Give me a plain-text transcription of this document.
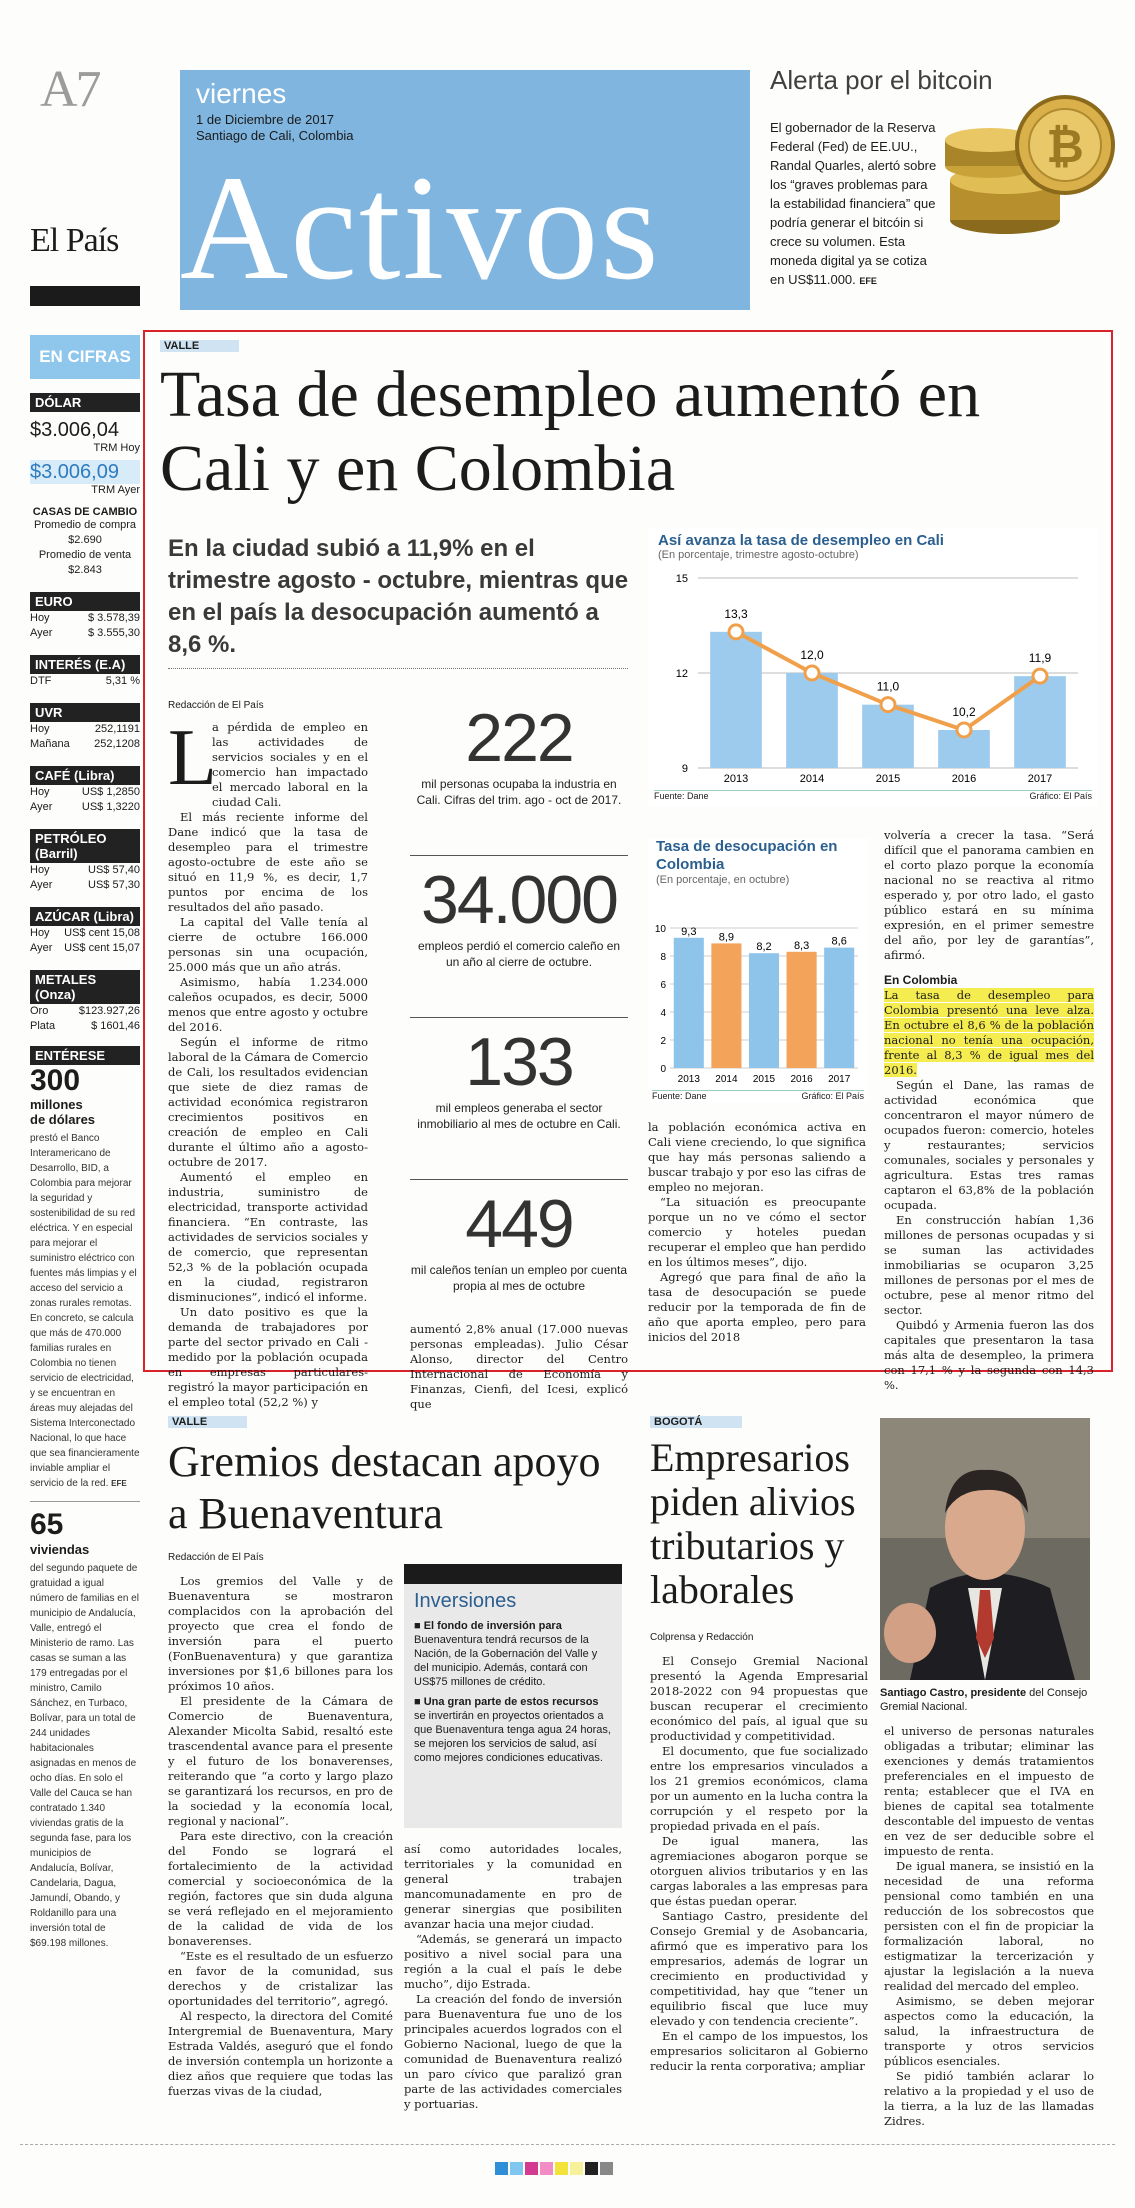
A7
El País
viernes
1 de Diciembre de 2017
Santiago de Cali, Colombia
Activos
Alerta por el bitcoin
El gobernador de la Reserva Federal (Fed) de EE.UU., Randal Quarles, alertó sobre los “graves problemas para la estabilidad financiera” que podría generar el bitcóin si crece su volumen. Esta moneda digital ya se cotiza en US$11.000. EFE
₿
EN CIFRAS
DÓLAR
$3.006,04
TRM Hoy
$3.006,09
TRM Ayer
CASAS DE CAMBIO
Promedio de compra
$2.690
Promedio de venta
$2.843
EURO
Hoy	$ 3.578,39
Ayer	$ 3.555,30
INTERÉS (E.A)
DTF	5,31 %
UVR
Hoy	252,1191
Mañana 252,1208
CAFÉ (Libra)
Hoy	US$ 1,2850
Ayer	US$ 1,3220
PETRÓLEO (Barril)
Hoy	US$ 57,40
Ayer	US$ 57,30
AZÚCAR (Libra)
Hoy US$ cent 15,08
Ayer US$ cent 15,07
METALES (Onza)
Oro	$123.927,26
Plata	$ 1601,46
ENTÉRESE
300
millones de dólares
prestó el Banco Interamericano de Desarrollo, BID, a Colombia para mejorar la seguridad y sostenibilidad de su red eléctrica. Y en especial para mejorar el suministro eléctrico con fuentes más limpias y el acceso del servicio a zonas rurales remotas. En concreto, se calcula que más de 470.000 familias rurales en Colombia no tienen servicio de electricidad, y se encuentran en áreas muy alejadas del Sistema Interconectado Nacional, lo que hace que sea financieramente inviable ampliar el servicio de la red. EFE
65
viviendas
del segundo paquete de gratuidad a igual número de familias en el municipio de Andalucía, Valle, entregó el Ministerio de ramo. Las casas se suman a las 179 entregadas por el ministro, Camilo Sánchez, en Turbaco, Bolívar, para un total de 244 unidades habitacionales asignadas en menos de ocho días. En solo el Valle del Cauca se han contratado 1.340 viviendas gratis de la segunda fase, para los municipios de Andalucía, Bolívar, Candelaria, Dagua, Jamundí, Obando, y Roldanillo para una inversión total de $69.198 millones.
VALLE
Tasa de desempleo aumentó en Cali y en Colombia
En la ciudad subió a 11,9% en el trimestre agosto - octubre, mientras que en el país la desocupación aumentó a 8,6 %.
Redacción de El País
L

a pérdida de empleo en las actividades de servicios sociales y en el comercio han impactado el mercado laboral en la ciudad Cali.

El más reciente informe del Dane indicó que la tasa de desempleo para el trimestre agosto-octubre de este año se situó en 11,9 %, es decir, 1,7 puntos por encima de los resultados del año pasado.

La capital del Valle tenía al cierre de octubre 166.000 personas sin una ocupación, 25.000 más que un año atrás.

Asimismo, había 1.234.000 caleños ocupados, es decir, 5000 menos que entre agosto y octubre del 2016.

Según el informe de ritmo laboral de la Cámara de Comercio de Cali, los resultados evidencian que siete de diez ramas de actividad económica registraron crecimientos positivos en creación de empleo en Cali durante el último año a agosto-octubre de 2017.

Aumentó el empleo en industria, suministro de electricidad, transporte actividad financiera. “En contraste, las actividades de servicios sociales y de comercio, que representan 52,3 % de la población ocupada en la ciudad, registraron disminuciones”, indicó el informe.

Un dato positivo es que la demanda de trabajadores por parte del sector privado en Cali -medido por la población ocupada en empresas particulares- registró la mayor participación en el empleo total (52,2 %) y

222
mil personas ocupaba la industria en Cali. Cifras del trim. ago - oct de 2017.
34.000
empleos perdió el comercio caleño en un año al cierre de octubre.
133
mil empleos generaba el sector inmobiliario al mes de octubre en Cali.
449
mil caleños tenían un empleo por cuenta propia al mes de octubre
aumentó 2,8% anual (17.000 nuevas personas empleadas). Julio César Alonso, director del Centro Internacional de Economía y Finanzas, Cienfi, del Icesi, explicó que
Así avanza la tasa de desempleo en Cali
(En porcentaje, trimestre agosto-octubre)
9
12
15
2013	2014	2015	2016	2017
13,3
12,0
11,0
10,2
11,9
Fuente: Dane	Gráfico: El País
Tasa de desocupación en Colombia
(En porcentaje, en octubre)
0
2
4
6
8
10 9,3
2013
8,9
2014
8,2
2015
8,3
2016
8,6
2017
Fuente: Dane	Gráfico: El País

la población económica activa en Cali viene creciendo, lo que significa que hay más personas saliendo a buscar trabajo y por eso las cifras de empleo no mejoran.

“La situación es preocupante porque un no ve cómo el sector comercio y hoteles puedan recuperar el empleo que han perdido en los últimos meses”, dijo.

Agregó que para final de año la tasa de desocupación se puede reducir por la temporada de fin de año que aporta empleo, pero para inicios del 2018

volvería a crecer la tasa. “Será difícil que el panorama cambien en el corto plazo porque la economía nacional no se reactiva al ritmo esperado y, por otro lado, el gasto público estará en su mínima expresión, en el primer semestre del año, por ley de garantías”, afirmó.

En Colombia

La tasa de desempleo para Colombia presentó una leve alza. En octubre el 8,6 % de la población nacional no tenía una ocupación, frente al 8,3 % de igual mes del 2016.

Según el Dane, las ramas de actividad económica que concentraron el mayor número de ocupados fueron: comercio, hoteles y restaurantes; servicios comunales, sociales y personales y agricultura. Estas tres ramas captaron el 63,8% de la población ocupada.

En construcción habían 1,36 millones de personas ocupadas y si se suman las actividades inmobiliarias se ocuparon 3,25 millones de personas por el mes de octubre, pese al menor ritmo del sector.

Quibdó y Armenia fueron las dos capitales que presentaron la tasa más alta de desempleo, la primera con 17,1 % y la segunda con 14,3 %.

VALLE
Gremios destacan apoyo a Buenaventura
Redacción de El País

Los gremios del Valle y de Buenaventura se mostraron complacidos con la aprobación del proyecto que crea el fondo de inversión para el puerto (FonBuenaventura) y que garantiza inversiones por $1,6 billones para los próximos 10 años.

El presidente de la Cámara de Comercio de Buenaventura, Alexander Micolta Sabid, resaltó este trascendental avance para el presente y el futuro de los bonaverenses, reiterando que “a corto y largo plazo se garantizará los recursos, en pro de la sociedad y la economía local, regional y nacional”.

Para este directivo, con la creación del Fondo se logrará el fortalecimiento de la actividad comercial y socioeconómica de la región, factores que sin duda alguna se verá reflejado en el mejoramiento de la calidad de vida de los bonaverenses.

“Este es el resultado de un esfuerzo en favor de la comunidad, sus derechos y de cristalizar las oportunidades del territorio”, agregó.

Al respecto, la directora del Comité Intergremial de Buenaventura, Mary Estrada Valdés, aseguró que el fondo de inversión contempla un horizonte a diez años que requiere que todas las fuerzas vivas de la ciudad,

Inversiones
■ El fondo de inversión para Buenaventura tendrá recursos de la Nación, de la Gobernación del Valle y del municipio. Además, contará con US$75 millones de crédito.
■ Una gran parte de estos recursos se invertirán en proyectos orientados a que Buenaventura tenga agua 24 horas, se mejoren los servicios de salud, así como mejores condiciones educativas.

así como autoridades locales, territoriales y la comunidad en general trabajen mancomunadamente en pro de generar sinergias que posibiliten avanzar hacia una mejor ciudad.

“Además, se generará un impacto positivo a nivel social para una región a la cual el país le debe mucho”, dijo Estrada.

La creación del fondo de inversión para Buenaventura fue uno de los principales acuerdos logrados con el Gobierno Nacional, luego de que la comunidad de Buenaventura realizó un paro cívico que paralizó gran parte de las actividades comerciales y portuarias.

BOGOTÁ
Empresarios piden alivios tributarios y laborales
Colprensa y Redacción
Santiago Castro, presidente del Consejo Gremial Nacional.

El Consejo Gremial Nacional presentó la Agenda Empresarial 2018-2022 con 94 propuestas que buscan recuperar el crecimiento económico del país, al igual que su productividad y competitividad.

El documento, que fue socializado entre los empresarios vinculados a los 21 gremios económicos, clama por un aumento en la lucha contra la corrupción y el respeto por la propiedad privada en el país.

De igual manera, las agremiaciones abogaron porque se otorguen alivios tributarios y en las cargas laborales a las empresas para que éstas puedan operar.

Santiago Castro, presidente del Consejo Gremial y de Asobancaria, afirmó que es imperativo para los empresarios, además de lograr un crecimiento en productividad y competitividad, hay que “tener un equilibrio fiscal que luce muy elevado y con tendencia creciente”.

En el campo de los impuestos, los empresarios solicitaron al Gobierno reducir la renta corporativa; ampliar

el universo de personas naturales obligadas a tributar; eliminar las exenciones y demás tratamientos preferenciales en el impuesto de renta; establecer que el IVA en bienes de capital sea totalmente descontable del impuesto de ventas en vez de ser deducible sobre el impuesto de renta.

De igual manera, se insistió en la necesidad de una reforma pensional como también en una reducción de los sobrecostos que persisten con el fin de propiciar la formalización laboral, no estigmatizar la tercerización y ajustar la legislación a la nueva realidad del mercado del empleo.

Asimismo, se deben mejorar aspectos como la educación, la salud, la infraestructura de transporte y otros servicios públicos esenciales.

Se pidió también aclarar lo relativo a la propiedad y el uso de la tierra, a la luz de las llamadas Zidres.
